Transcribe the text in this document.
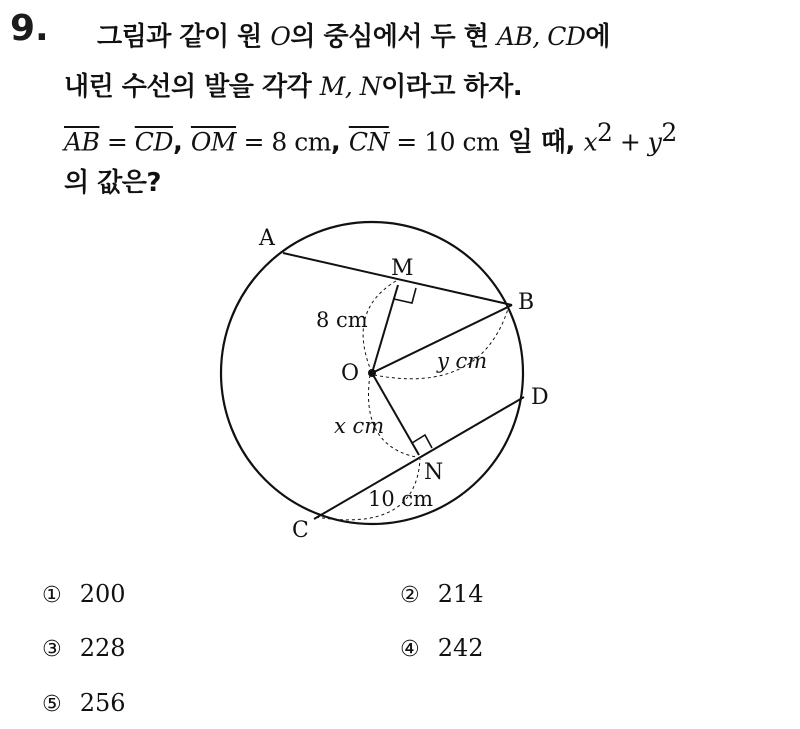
9. 그림과 같이 원 O의 중심에서 두 현 AB, CD에
내린 수선의 발을 각각 M, N이라고 하자.
$\overline{AB} = \overline{CD}$, $\overline{OM} = 8$ cm, $\overline{CN} = 10$ cm 일 때, $x^2 + y^2$
의 값은?
A
B
C
D
M
N
O
8 cm
y cm
x cm
10 cm
① 200	② 214
③ 228	④ 242
⑤ 256
